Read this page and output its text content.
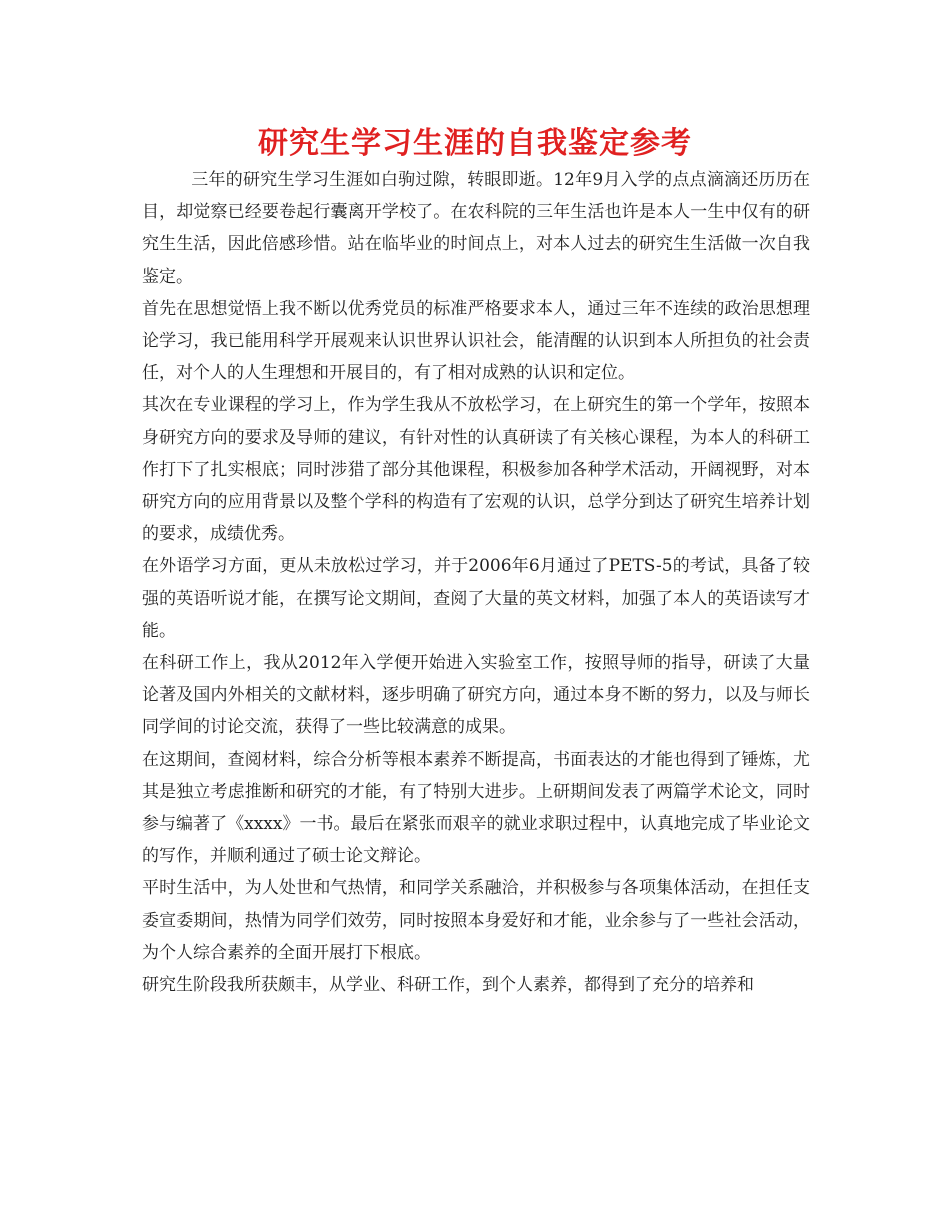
研究生学习生涯的自我鉴定参考

三年的研究生学习生涯如白驹过隙，转眼即逝。12年9月入学的点点滴滴还历历在目，却觉察已经要卷起行囊离开学校了。在农科院的三年生活也许是本人一生中仅有的研究生生活，因此倍感珍惜。站在临毕业的时间点上，对本人过去的研究生生活做一次自我鉴定。

首先在思想觉悟上我不断以优秀党员的标准严格要求本人，通过三年不连续的政治思想理论学习，我已能用科学开展观来认识世界认识社会，能清醒的认识到本人所担负的社会责任，对个人的人生理想和开展目的，有了相对成熟的认识和定位。

其次在专业课程的学习上，作为学生我从不放松学习，在上研究生的第一个学年，按照本身研究方向的要求及导师的建议，有针对性的认真研读了有关核心课程，为本人的科研工作打下了扎实根底；同时涉猎了部分其他课程，积极参加各种学术活动，开阔视野，对本研究方向的应用背景以及整个学科的构造有了宏观的认识，总学分到达了研究生培养计划的要求，成绩优秀。

在外语学习方面，更从未放松过学习，并于2006年6月通过了PETS-5的考试，具备了较强的英语听说才能，在撰写论文期间，查阅了大量的英文材料，加强了本人的英语读写才能。

在科研工作上，我从2012年入学便开始进入实验室工作，按照导师的指导，研读了大量论著及国内外相关的文献材料，逐步明确了研究方向，通过本身不断的努力，以及与师长同学间的讨论交流，获得了一些比较满意的成果。

在这期间，查阅材料，综合分析等根本素养不断提高，书面表达的才能也得到了锤炼，尤其是独立考虑推断和研究的才能，有了特别大进步。上研期间发表了两篇学术论文，同时参与编著了《xxxx》一书。最后在紧张而艰辛的就业求职过程中，认真地完成了毕业论文的写作，并顺利通过了硕士论文辩论。

平时生活中，为人处世和气热情，和同学关系融洽，并积极参与各项集体活动，在担任支委宣委期间，热情为同学们效劳，同时按照本身爱好和才能，业余参与了一些社会活动，为个人综合素养的全面开展打下根底。

研究生阶段我所获颇丰，从学业、科研工作，到个人素养，都得到了充分的培养和
